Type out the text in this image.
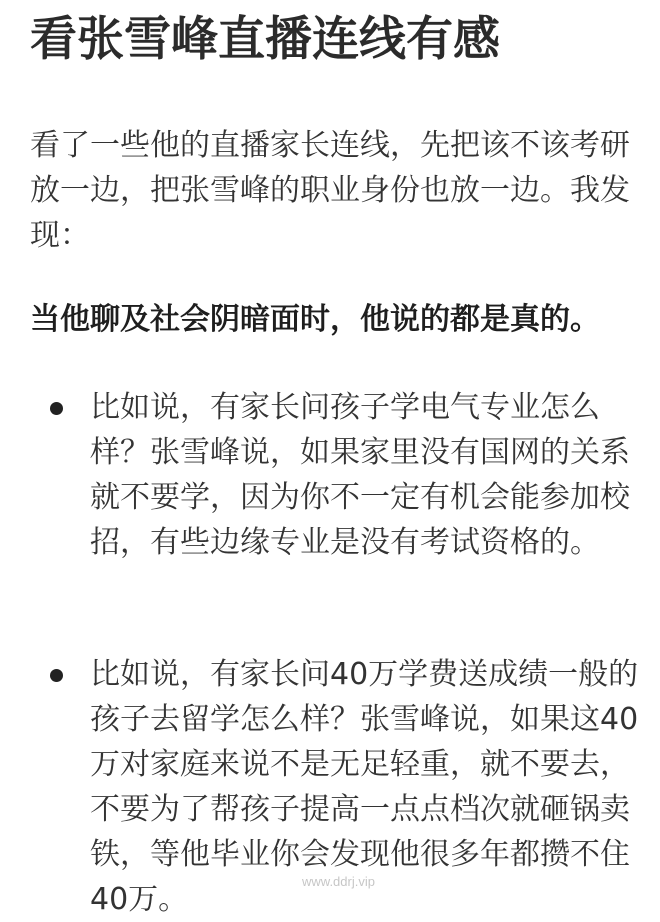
看张雪峰直播连线有感

看了一些他的直播家长连线，先把该不该考研放一边，把张雪峰的职业身份也放一边。我发现：

当他聊及社会阴暗面时，他说的都是真的。

比如说，有家长问孩子学电气专业怎么样？张雪峰说，如果家里没有国网的关系就不要学，因为你不一定有机会能参加校招，有些边缘专业是没有考试资格的。

比如说，有家长问40万学费送成绩一般的孩子去留学怎么样？张雪峰说，如果这40万对家庭来说不是无足轻重，就不要去，不要为了帮孩子提高一点点档次就砸锅卖铁，等他毕业你会发现他很多年都攒不住40万。

www.ddrj.vip
